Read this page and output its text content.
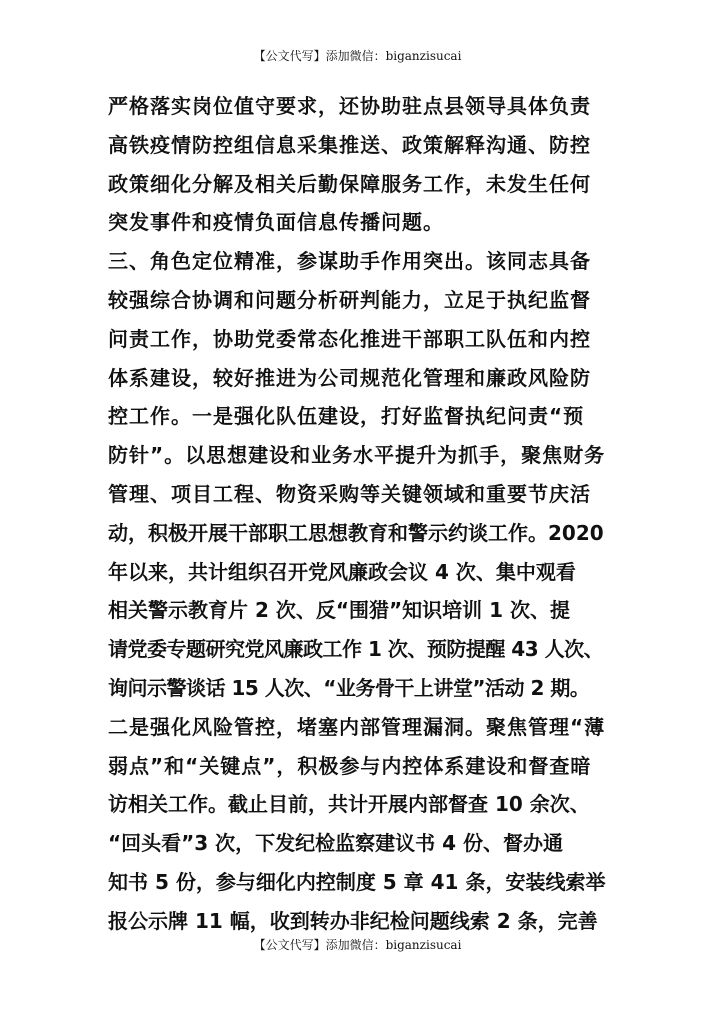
【公文代写】添加微信：biganzisucai
严格落实岗位值守要求，还协助驻点县领导具体负责
高铁疫情防控组信息采集推送、政策解释沟通、防控
政策细化分解及相关后勤保障服务工作，未发生任何
突发事件和疫情负面信息传播问题。
三、角色定位精准，参谋助手作用突出。该同志具备
较强综合协调和问题分析研判能力，立足于执纪监督
问责工作，协助党委常态化推进干部职工队伍和内控
体系建设，较好推进为公司规范化管理和廉政风险防
控工作。一是强化队伍建设，打好监督执纪问责“预
防针”。以思想建设和业务水平提升为抓手，聚焦财务
管理、项目工程、物资采购等关键领域和重要节庆活
动，积极开展干部职工思想教育和警示约谈工作。2020
年以来，共计组织召开党风廉政会议 4 次、集中观看
相关警示教育片 2 次、反“围猎”知识培训 1 次、提
请党委专题研究党风廉政工作 1 次、预防提醒 43 人次、
询问示警谈话 15 人次、“业务骨干上讲堂”活动 2 期。
二是强化风险管控，堵塞内部管理漏洞。聚焦管理“薄
弱点”和“关键点”，积极参与内控体系建设和督查暗
访相关工作。截止目前，共计开展内部督查 10 余次、
“回头看”3 次，下发纪检监察建议书 4 份、督办通
知书 5 份，参与细化内控制度 5 章 41 条，安装线索举
报公示牌 11 幅，收到转办非纪检问题线索 2 条，完善
【公文代写】添加微信：biganzisucai
